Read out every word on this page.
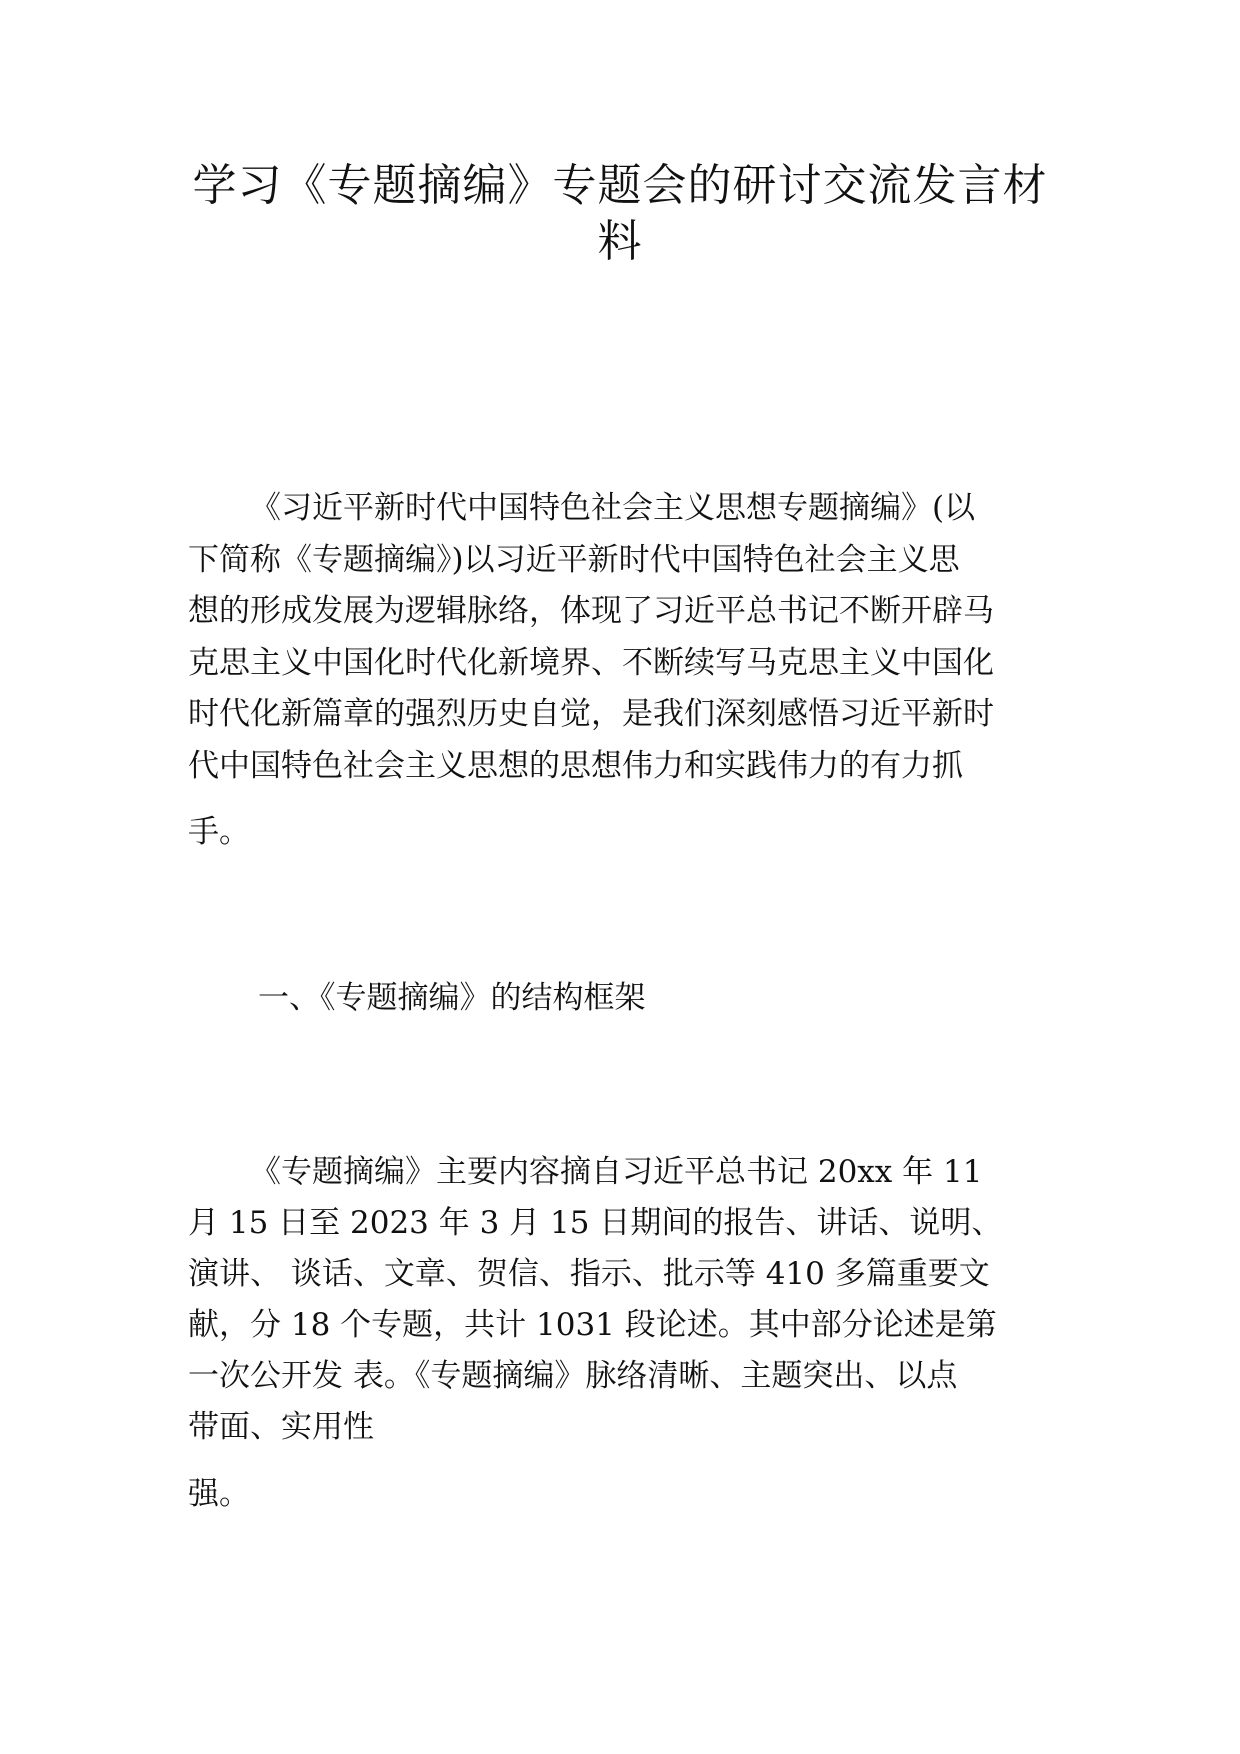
学习《专题摘编》专题会的研讨交流发言材
料

《习近平新时代中国特色社会主义思想专题摘编》(以

下简称《专题摘编》)以习近平新时代中国特色社会主义思

想的形成发展为逻辑脉络，体现了习近平总书记不断开辟马

克思主义中国化时代化新境界、不断续写马克思主义中国化

时代化新篇章的强烈历史自觉，是我们深刻感悟习近平新时

代中国特色社会主义思想的思想伟力和实践伟力的有力抓

手。

一、《专题摘编》的结构框架

《专题摘编》主要内容摘自习近平总书记 20xx 年 11

月 15 日至 2023 年 3 月 15 日期间的报告、讲话、说明、

演讲、 谈话、文章、贺信、指示、批示等 410 多篇重要文

献，分 18 个专题，共计 1031 段论述。其中部分论述是第

一次公开发 表。《专题摘编》脉络清晰、主题突出、以点

带面、实用性

强。
